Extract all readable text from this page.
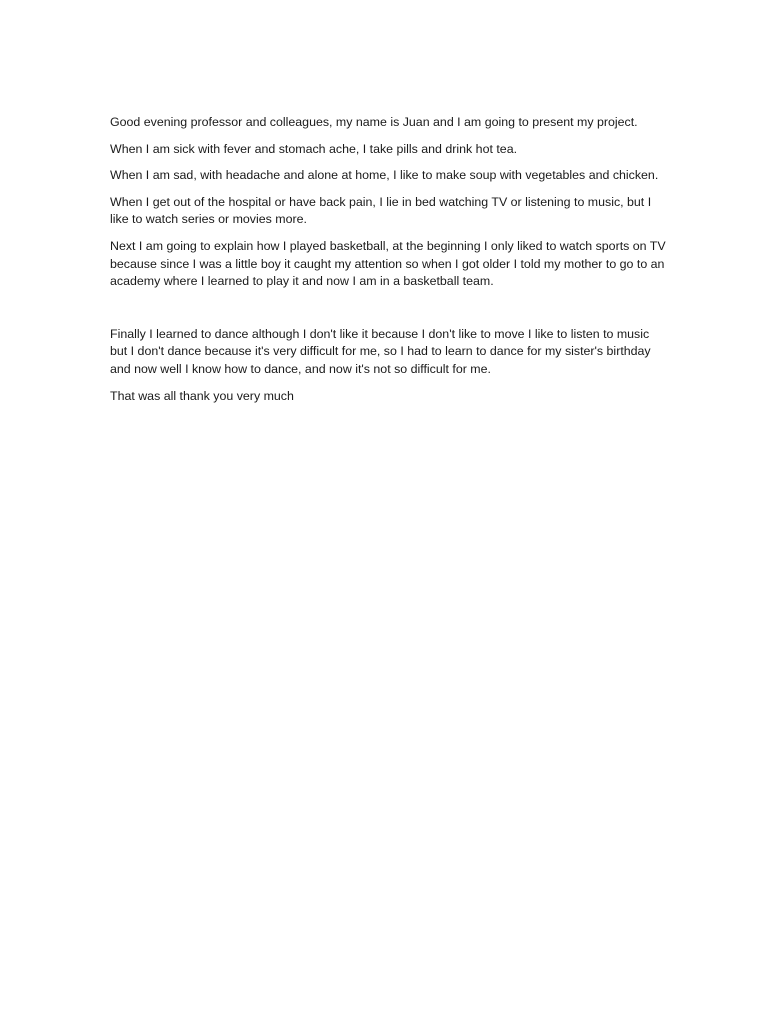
Good evening professor and colleagues, my name is Juan and I am going to present my project.

When I am sick with fever and stomach ache, I take pills and drink hot tea.

When I am sad, with headache and alone at home, I like to make soup with vegetables and chicken.

When I get out of the hospital or have back pain, I lie in bed watching TV or listening to music, but I like to watch series or movies more.

Next I am going to explain how I played basketball, at the beginning I only liked to watch sports on TV because since I was a little boy it caught my attention so when I got older I told my mother to go to an academy where I learned to play it and now I am in a basketball team.

Finally I learned to dance although I don't like it because I don't like to move I like to listen to music but I don't dance because it's very difficult for me, so I had to learn to dance for my sister's birthday and now well I know how to dance, and now it's not so difficult for me.

That was all thank you very much
